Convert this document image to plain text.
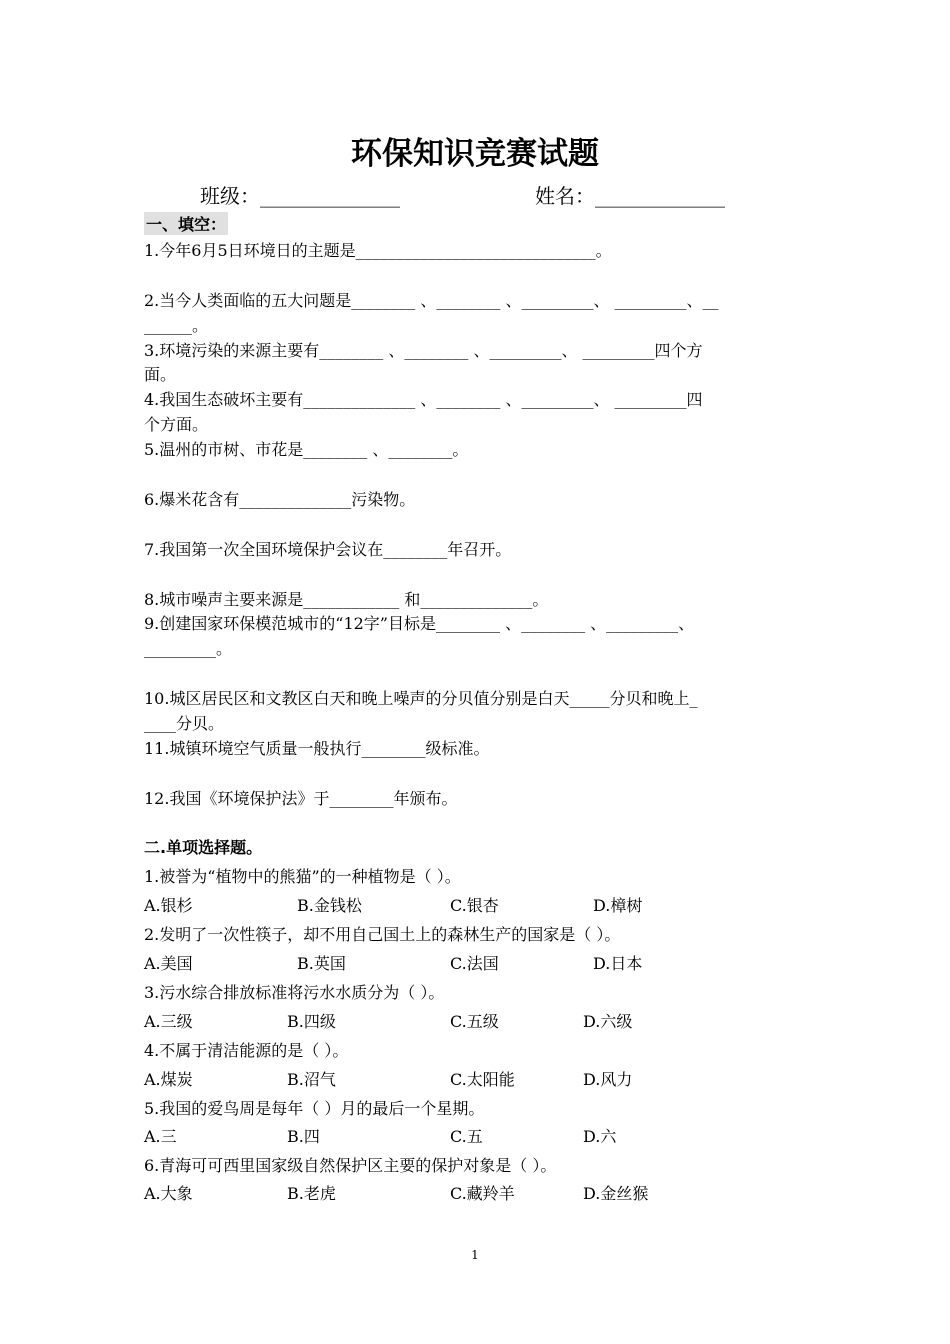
环保知识竞赛试题
班级：______________	姓名：_____________
一、填空：
1.今年6月5日环境日的主题是______________________________。
2.当今人类面临的五大问题是________ 、________ 、_________、 _________、__
______。
3.环境污染的来源主要有________ 、________ 、_________、 _________四个方
面。
4.我国生态破坏主要有______________ 、________ 、_________、 _________四
个方面。
5.温州的市树、市花是________ 、________。
6.爆米花含有______________污染物。
7.我国第一次全国环境保护会议在________年召开。
8.城市噪声主要来源是____________ 和______________。
9.创建国家环保模范城市的“12字”目标是________ 、________ 、_________、
_________。
10.城区居民区和文教区白天和晚上噪声的分贝值分别是白天_____分贝和晚上_
____分贝。
11.城镇环境空气质量一般执行________级标准。
12.我国《环境保护法》于________年颁布。
二.单项选择题。
1.被誉为“植物中的熊猫”的一种植物是（ ）。
A.银杉	B.金钱松	C.银杏	D.樟树
2.发明了一次性筷子，却不用自己国土上的森林生产的国家是（ ）。
A.美国	B.英国	C.法国	D.日本
3.污水综合排放标准将污水水质分为（ ）。
A.三级	B.四级	C.五级	D.六级
4.不属于清洁能源的是（ ）。
A.煤炭	B.沼气	C.太阳能	D.风力
5.我国的爱鸟周是每年（ ）月的最后一个星期。
A.三	B.四	C.五	D.六
6.青海可可西里国家级自然保护区主要的保护对象是（ ）。
A.大象	B.老虎	C.藏羚羊	D.金丝猴
1
